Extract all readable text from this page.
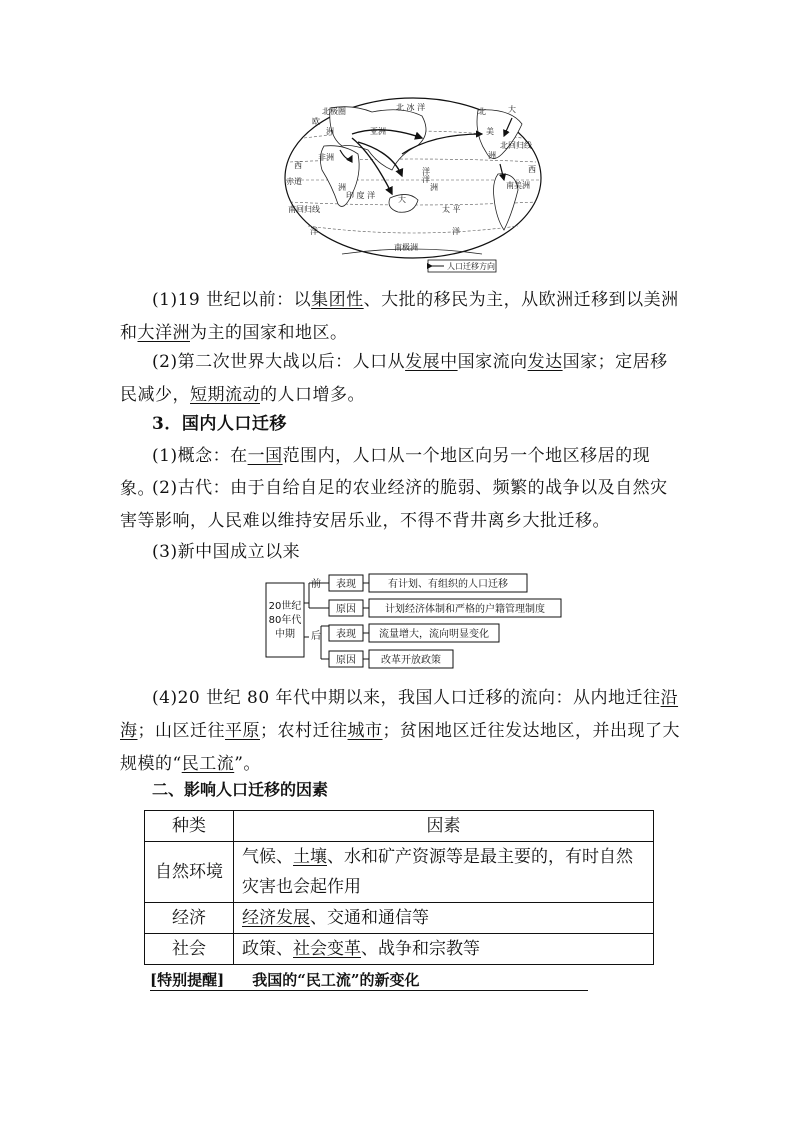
北 冰 洋
北极圈
欧
洲	亚洲
非洲
洲
西
赤道
南回归线
印 度 洋
太 平
洋
洋
大
洋
洲
北
美
洲
大
北回归线
南美洲
西
洋
南极洲
人口迁移方向
(1)19 世纪以前：以集团性、大批的移民为主，从欧洲迁移到以美洲和大洋洲为主的国家和地区。
(2)第二次世界大战以后：人口从发展中国家流向发达国家；定居移民减少，短期流动的人口增多。
3．国内人口迁移
(1)概念：在一国范围内，人口从一个地区向另一个地区移居的现象。
(2)古代：由于自给自足的农业经济的脆弱、频繁的战争以及自然灾害等影响，人民难以维持安居乐业，不得不背井离乡大批迁移。
(3)新中国成立以来
20世纪
80年代
中期
前 表现
原因
有计划、有组织的人口迁移
计划经济体制和严格的户籍管理制度
后 表现
原因
流量增大，流向明显变化
改革开放政策
(4)20 世纪 80 年代中期以来，我国人口迁移的流向：从内地迁往沿海；山区迁往平原；农村迁往城市；贫困地区迁往发达地区，并出现了大规模的“民工流”。
二、影响人口迁移的因素
种类	因素
自然环境	气候、土壤、水和矿产资源等是最主要的，有时自然灾害也会起作用
经济	经济发展、交通和通信等
社会	政策、社会变革、战争和宗教等
[特别提醒] 我国的“民工流”的新变化
